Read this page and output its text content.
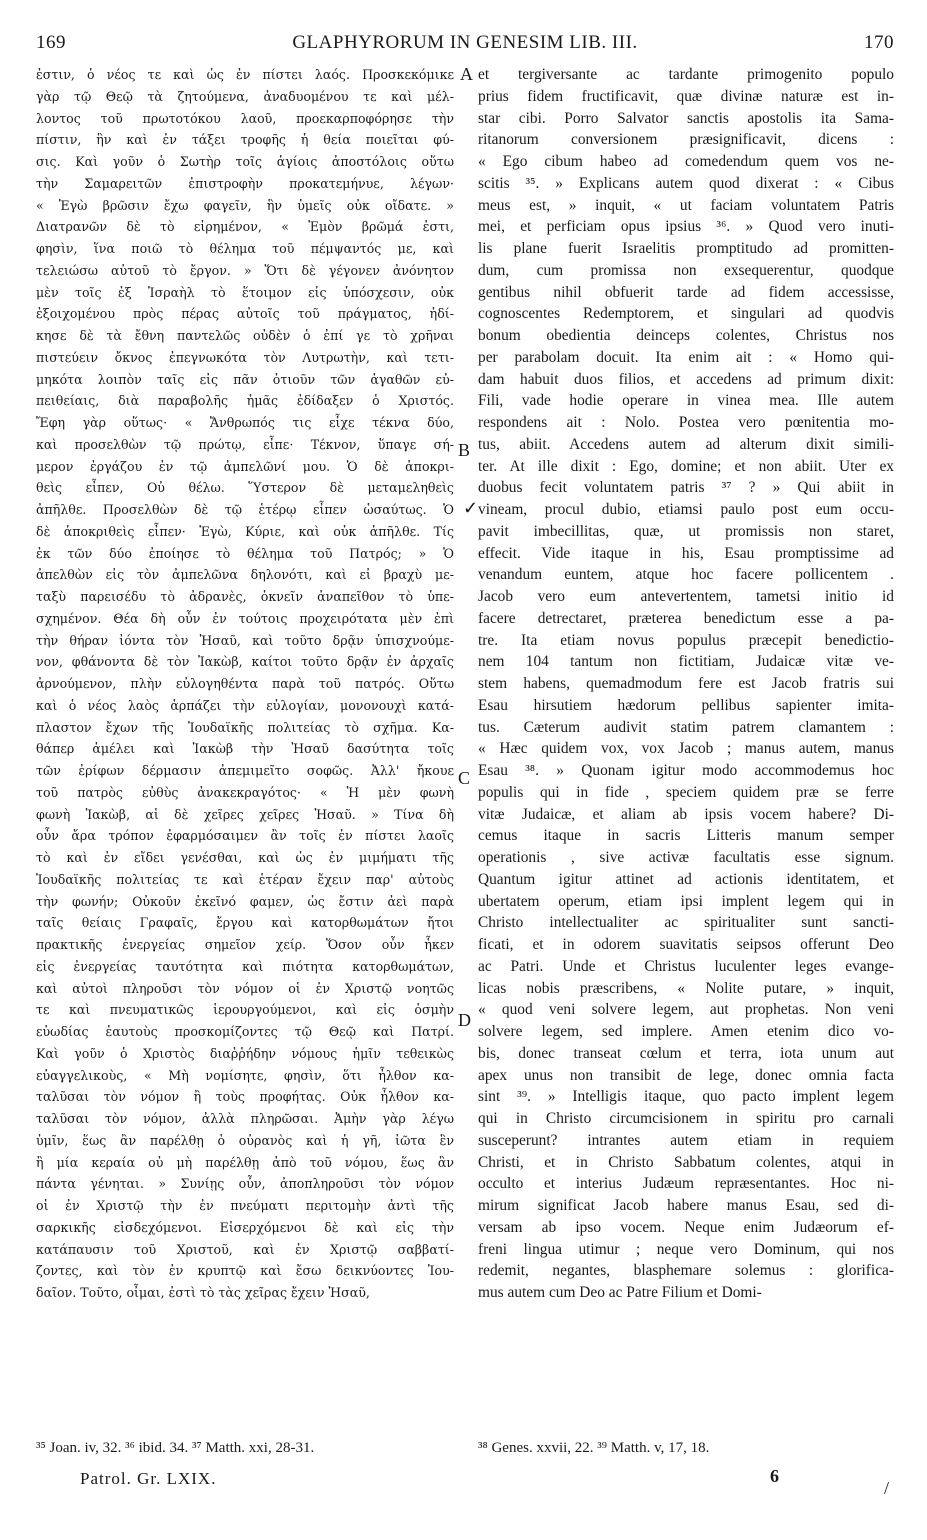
169	GLAPHYRORUM IN GENESIM LIB. III.	170
ἐστιν, ὁ νέος τε καὶ ὡς ἐν πίστει λαός. Προσκεκόμικε
γὰρ τῷ Θεῷ τὰ ζητούμενα, ἀναδυομένου τε καὶ μέλ-
λοντος τοῦ πρωτοτόκου λαοῦ, προεκαρποφόρησε τὴν
πίστιν, ἣν καὶ ἐν τάξει τροφῆς ἡ θεία ποιεῖται φύ-
σις. Καὶ γοῦν ὁ Σωτὴρ τοῖς ἁγίοις ἀποστόλοις οὕτω
τὴν Σαμαρειτῶν ἐπιστροφὴν προκατεμήνυε, λέγων·
« Ἐγὼ βρῶσιν ἔχω φαγεῖν, ἣν ὑμεῖς οὐκ οἴδατε. »
Διατρανῶν δὲ τὸ εἰρημένον, « Ἐμὸν βρῶμά ἐστι,
φησὶν, ἵνα ποιῶ τὸ θέλημα τοῦ πέμψαντός με, καὶ
τελειώσω αὐτοῦ τὸ ἔργον. » Ὅτι δὲ γέγονεν ἀνόνητον
μὲν τοῖς ἐξ Ἰσραὴλ τὸ ἕτοιμον εἰς ὑπόσχεσιν, οὐκ
ἐξοιχομένου πρὸς πέρας αὐτοῖς τοῦ πράγματος, ἠδί-
κησε δὲ τὰ ἔθνη παντελῶς οὐδὲν ὁ ἐπί γε τὸ χρῆναι
πιστεύειν ὄκνος ἐπεγνωκότα τὸν Λυτρωτὴν, καὶ τετι-
μηκότα λοιπὸν ταῖς εἰς πᾶν ὁτιοῦν τῶν ἀγαθῶν εὐ-
πειθείαις, διὰ παραβολῆς ἡμᾶς ἐδίδαξεν ὁ Χριστός.
Ἔφη γὰρ οὕτως· « Ἄνθρωπός τις εἶχε τέκνα δύο,
καὶ προσελθὼν τῷ πρώτῳ, εἶπε· Τέκνον, ὕπαγε σή-
μερον ἐργάζου ἐν τῷ ἀμπελῶνί μου. Ὁ δὲ ἀποκρι-
θεὶς εἶπεν, Οὐ θέλω. Ὕστερον δὲ μεταμεληθεὶς
ἀπῆλθε. Προσελθὼν δὲ τῷ ἑτέρῳ εἶπεν ὡσαύτως. Ὁ
δὲ ἀποκριθεὶς εἶπεν· Ἐγὼ, Κύριε, καὶ οὐκ ἀπῆλθε. Τίς
ἐκ τῶν δύο ἐποίησε τὸ θέλημα τοῦ Πατρός; » Ὁ
ἀπελθὼν εἰς τὸν ἀμπελῶνα δηλονότι, καὶ εἰ βραχὺ με-
ταξὺ παρεισέδυ τὸ ἀδρανὲς, ὀκνεῖν ἀναπεῖθον τὸ ὑπε-
σχημένον. Θέα δὴ οὖν ἐν τούτοις προχειρότατα μὲν ἐπὶ
τὴν θήραν ἰόντα τὸν Ἠσαῦ, καὶ τοῦτο δρᾷν ὑπισχνούμε-
νον, φθάνοντα δὲ τὸν Ἰακὼβ, καίτοι τοῦτο δρᾷν ἐν ἀρχαῖς
ἀρνούμενον, πλὴν εὐλογηθέντα παρὰ τοῦ πατρός. Οὕτω
καὶ ὁ νέος λαὸς ἁρπάζει τὴν εὐλογίαν, μονονουχὶ κατά-
πλαστον ἔχων τῆς Ἰουδαϊκῆς πολιτείας τὸ σχῆμα. Κα-
θάπερ ἀμέλει καὶ Ἰακὼβ τὴν Ἠσαῦ δασύτητα τοῖς
τῶν ἐρίφων δέρμασιν ἀπεμιμεῖτο σοφῶς. Ἀλλ' ἤκουε
τοῦ πατρὸς εὐθὺς ἀνακεκραγότος· « Ἡ μὲν φωνὴ
φωνὴ Ἰακὼβ, αἱ δὲ χεῖρες χεῖρες Ἠσαῦ. » Τίνα δὴ
οὖν ἄρα τρόπον ἐφαρμόσαιμεν ἂν τοῖς ἐν πίστει λαοῖς
τὸ καὶ ἐν εἴδει γενέσθαι, καὶ ὡς ἐν μιμήματι τῆς
Ἰουδαϊκῆς πολιτείας τε καὶ ἑτέραν ἔχειν παρ' αὐτοὺς
τὴν φωνήν; Οὐκοῦν ἐκεῖνό φαμεν, ὡς ἔστιν ἀεὶ παρὰ
ταῖς θείαις Γραφαῖς, ἔργου καὶ κατορθωμάτων ἤτοι
πρακτικῆς ἐνεργείας σημεῖον χείρ. Ὅσον οὖν ἧκεν
εἰς ἐνεργείας ταυτότητα καὶ πιότητα κατορθωμάτων,
καὶ αὐτοὶ πληροῦσι τὸν νόμον οἱ ἐν Χριστῷ νοητῶς
τε καὶ πνευματικῶς ἱερουργούμενοι, καὶ εἰς ὀσμὴν
εὐωδίας ἑαυτοὺς προσκομίζοντες τῷ Θεῷ καὶ Πατρί.
Καὶ γοῦν ὁ Χριστὸς διαῤῥήδην νόμους ἡμῖν τεθεικὼς
εὐαγγελικοὺς, « Μὴ νομίσητε, φησὶν, ὅτι ἦλθον κα-
ταλῦσαι τὸν νόμον ἢ τοὺς προφήτας. Οὐκ ἦλθον κα-
ταλῦσαι τὸν νόμον, ἀλλὰ πληρῶσαι. Ἀμὴν γὰρ λέγω
ὑμῖν, ἕως ἂν παρέλθῃ ὁ οὐρανὸς καὶ ἡ γῆ, ἰῶτα ἓν
ἢ μία κεραία οὐ μὴ παρέλθῃ ἀπὸ τοῦ νόμου, ἕως ἂν
πάντα γένηται. » Συνίῃς οὖν, ἀποπληροῦσι τὸν νόμον
οἱ ἐν Χριστῷ τὴν ἐν πνεύματι περιτομὴν ἀντὶ τῆς
σαρκικῆς εἰσδεχόμενοι. Εἰσερχόμενοι δὲ καὶ εἰς τὴν
κατάπαυσιν τοῦ Χριστοῦ, καὶ ἐν Χριστῷ σαββατί-
ζοντες, καὶ τὸν ἐν κρυπτῷ καὶ ἔσω δεικνύοντες Ἰου-
δαῖον. Τοῦτο, οἶμαι, ἐστὶ τὸ τὰς χεῖρας ἔχειν Ἠσαῦ,
et tergiversante ac tardante primogenito populo
prius fidem fructificavit, quæ divinæ naturæ est in-
star cibi. Porro Salvator sanctis apostolis ita Sama-
ritanorum conversionem præsignificavit, dicens :
« Ego cibum habeo ad comedendum quem vos ne-
scitis ³⁵. » Explicans autem quod dixerat : « Cibus
meus est, » inquit, « ut faciam voluntatem Patris
mei, et perficiam opus ipsius ³⁶. » Quod vero inuti-
lis plane fuerit Israelitis promptitudo ad promitten-
dum, cum promissa non exsequerentur, quodque
gentibus nihil obfuerit tarde ad fidem accessisse,
cognoscentes Redemptorem, et singulari ad quodvis
bonum obedientia deinceps colentes, Christus nos
per parabolam docuit. Ita enim ait : « Homo qui-
dam habuit duos filios, et accedens ad primum dixit:
Fili, vade hodie operare in vinea mea. Ille autem
respondens ait : Nolo. Postea vero pœnitentia mo-
tus, abiit. Accedens autem ad alterum dixit simili-
ter. At ille dixit : Ego, domine; et non abiit. Uter ex
duobus fecit voluntatem patris ³⁷ ? » Qui abiit in
vineam, procul dubio, etiamsi paulo post eum occu-
pavit imbecillitas, quæ, ut promissis non staret,
effecit. Vide itaque in his, Esau promptissime ad
venandum euntem, atque hoc facere pollicentem .
Jacob vero eum antevertentem, tametsi initio id
facere detrectaret, præterea benedictum esse a pa-
tre. Ita etiam novus populus præcepit benedictio-
nem 104 tantum non fictitiam, Judaicæ vitæ ve-
stem habens, quemadmodum fere est Jacob fratris sui
Esau hirsutiem hædorum pellibus sapienter imita-
tus. Cæterum audivit statim patrem clamantem :
« Hæc quidem vox, vox Jacob ; manus autem, manus
Esau ³⁸. » Quonam igitur modo accommodemus hoc
populis qui in fide , speciem quidem præ se ferre
vitæ Judaicæ, et aliam ab ipsis vocem habere? Di-
cemus itaque in sacris Litteris manum semper
operationis , sive activæ facultatis esse signum.
Quantum igitur attinet ad actionis identitatem, et
ubertatem operum, etiam ipsi implent legem qui in
Christo intellectualiter ac spiritualiter sunt sancti-
ficati, et in odorem suavitatis seipsos offerunt Deo
ac Patri. Unde et Christus luculenter leges evange-
licas nobis præscribens, « Nolite putare, » inquit,
« quod veni solvere legem, aut prophetas. Non veni
solvere legem, sed implere. Amen etenim dico vo-
bis, donec transeat cœlum et terra, iota unum aut
apex unus non transibit de lege, donec omnia facta
sint ³⁹. » Intelligis itaque, quo pacto implent legem
qui in Christo circumcisionem in spiritu pro carnali
susceperunt? intrantes autem etiam in requiem
Christi, et in Christo Sabbatum colentes, atqui in
occulto et interius Judæum repræsentantes. Hoc ni-
mirum significat Jacob habere manus Esau, sed di-
versam ab ipso vocem. Neque enim Judæorum ef-
freni lingua utimur ; neque vero Dominum, qui nos
redemit, negantes, blasphemare solemus : glorifica-
mus autem cum Deo ac Patre Filium et Domi-
A
B
C
D
✓
³⁵ Joan. iv, 32. ³⁶ ibid. 34. ³⁷ Matth. xxi, 28-31.	³⁸ Genes. xxvii, 22. ³⁹ Matth. v, 17, 18.
Patrol. Gr. LXIX.	6
/
